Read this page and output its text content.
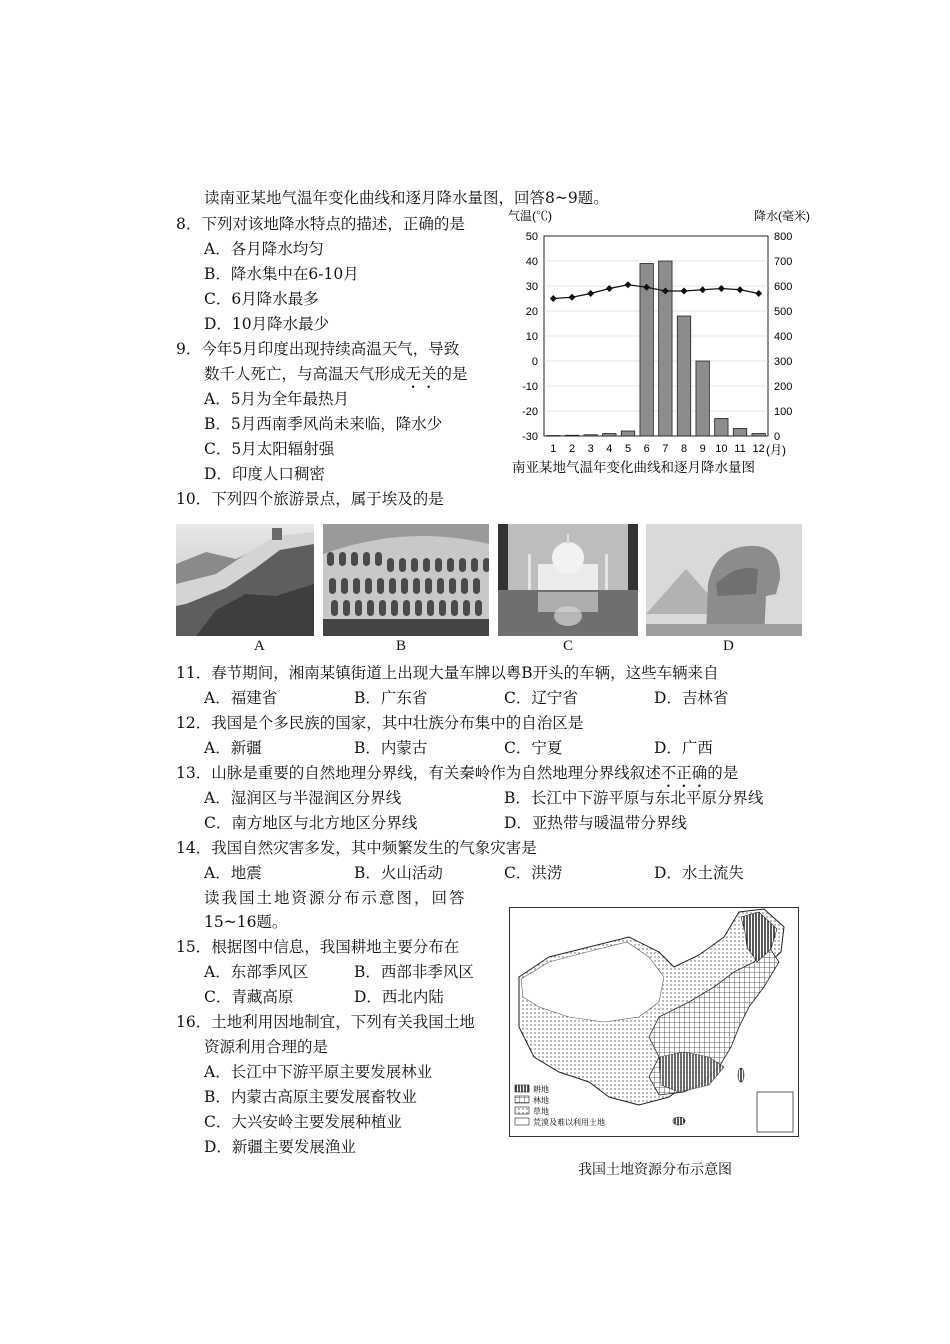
读南亚某地气温年变化曲线和逐月降水量图，回答8~9题。
8．下列对该地降水特点的描述，正确的是
A．各月降水均匀
B．降水集中在6-10月
C．6月降水最多
D．10月降水最少
9．今年5月印度出现持续高温天气，导致
数千人死亡，与高温天气形成无关的是
A．5月为全年最热月
B．5月西南季风尚未来临，降水少
C．5月太阳辐射强
D．印度人口稠密
气温(℃)	降水(毫米)
50	800
40	700
30	600
20	500
10	400
0	300
-10	200
-20	100
-30	0
1 2 3 4 5 6 7 8 9 10 11 12 (月)
南亚某地气温年变化曲线和逐月降水量图
10．下列四个旅游景点，属于埃及的是
A	B	C	D
11．春节期间，湘南某镇街道上出现大量车牌以粤B开头的车辆，这些车辆来自
A．福建省	B．广东省	C．辽宁省	D．吉林省
12．我国是个多民族的国家，其中壮族分布集中的自治区是
A．新疆	B．内蒙古	C．宁夏	D．广西
13．山脉是重要的自然地理分界线，有关秦岭作为自然地理分界线叙述不正确的是
A．湿润区与半湿润区分界线	B．长江中下游平原与东北平原分界线
C．南方地区与北方地区分界线	D．亚热带与暖温带分界线
14．我国自然灾害多发，其中频繁发生的气象灾害是
A．地震	B．火山活动	C．洪涝	D．水土流失
读我国土地资源分布示意图，回答
15~16题。
15．根据图中信息，我国耕地主要分布在
A．东部季风区	B．西部非季风区
C．青藏高原	D．西北内陆
16．土地利用因地制宜，下列有关我国土地
资源利用合理的是
A．长江中下游平原主要发展林业
B．内蒙古高原主要发展畜牧业
C．大兴安岭主要发展种植业
D．新疆主要发展渔业
耕地
林地
草地
荒漠及难以利用土地
我国土地资源分布示意图
